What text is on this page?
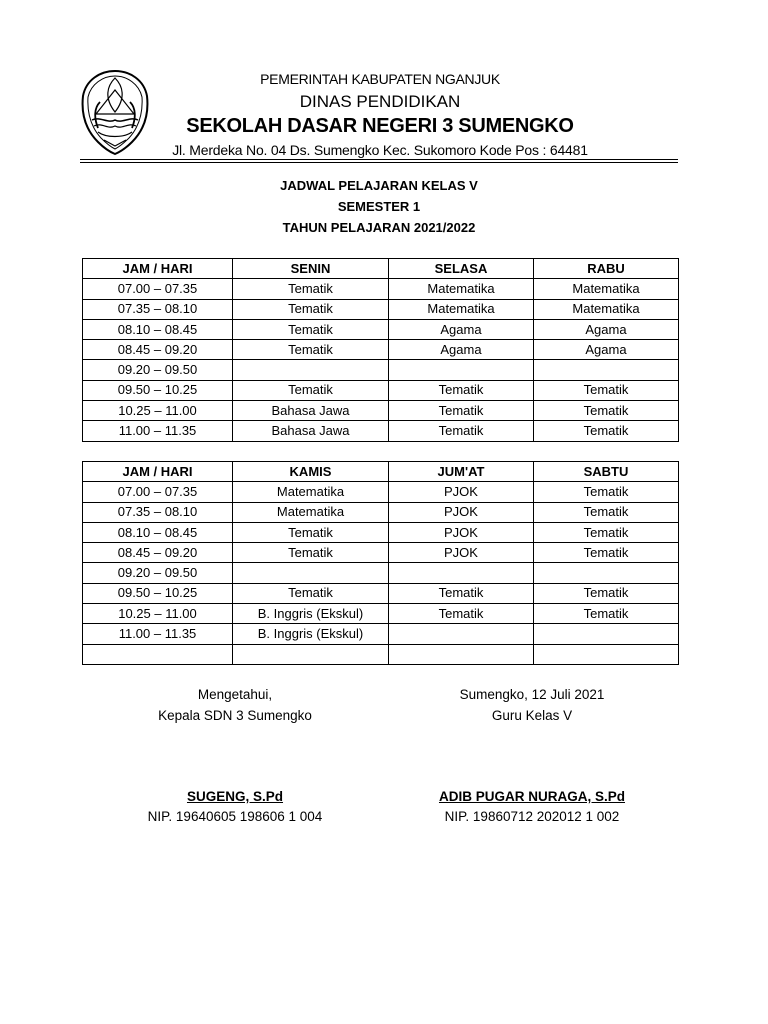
PEMERINTAH KABUPATEN NGANJUK
DINAS PENDIDIKAN
SEKOLAH DASAR NEGERI 3 SUMENGKO
Jl. Merdeka No. 04 Ds. Sumengko Kec. Sukomoro Kode Pos : 64481
JADWAL PELAJARAN KELAS V
SEMESTER 1
TAHUN PELAJARAN 2021/2022
JAM / HARI	SENIN	SELASA	RABU
07.00 – 07.35	Tematik	Matematika	Matematika
07.35 – 08.10	Tematik	Matematika	Matematika
08.10 – 08.45	Tematik	Agama	Agama
08.45 – 09.20	Tematik	Agama	Agama
09.20 – 09.50			
09.50 – 10.25	Tematik	Tematik	Tematik
10.25 – 11.00	Bahasa Jawa	Tematik	Tematik
11.00 – 11.35	Bahasa Jawa	Tematik	Tematik
JAM / HARI	KAMIS	JUM'AT	SABTU
07.00 – 07.35	Matematika	PJOK	Tematik
07.35 – 08.10	Matematika	PJOK	Tematik
08.10 – 08.45	Tematik	PJOK	Tematik
08.45 – 09.20	Tematik	PJOK	Tematik
09.20 – 09.50			
09.50 – 10.25	Tematik	Tematik	Tematik
10.25 – 11.00	B. Inggris (Ekskul)	Tematik	Tematik
11.00 – 11.35	B. Inggris (Ekskul)		

Mengetahui,
Kepala SDN 3 Sumengko
SUGENG, S.Pd
NIP. 19640605 198606 1 004
Sumengko, 12 Juli 2021
Guru Kelas V
ADIB PUGAR NURAGA, S.Pd
NIP. 19860712 202012 1 002
